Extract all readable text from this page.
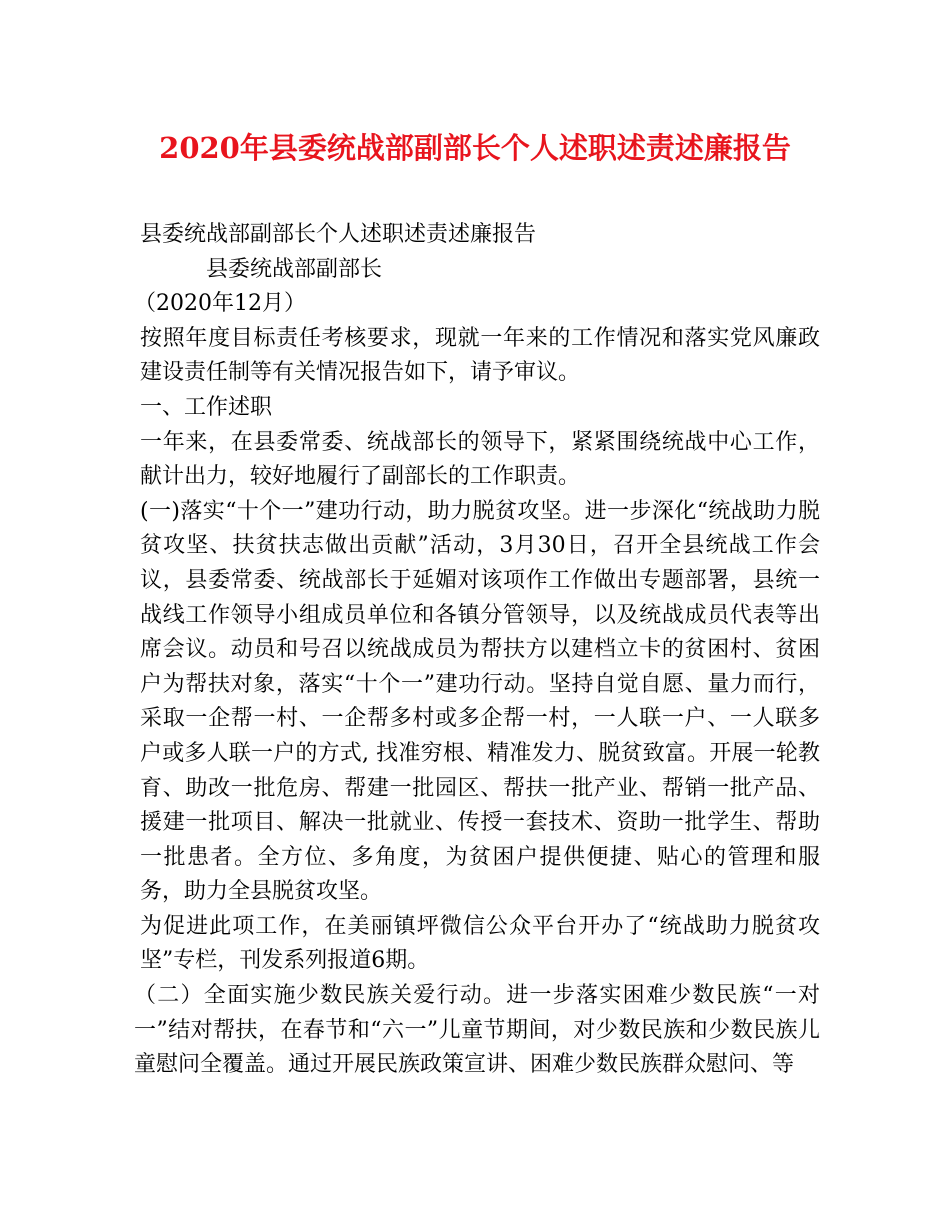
2020年县委统战部副部长个人述职述责述廉报告

县委统战部副部长个人述职述责述廉报告

县委统战部副部长

（2020年12月）

按照年度目标责任考核要求，现就一年来的工作情况和落实党风廉政建设责任制等有关情况报告如下，请予审议。

一、工作述职

一年来，在县委常委、统战部长的领导下，紧紧围绕统战中心工作，献计出力，较好地履行了副部长的工作职责。

(一)落实“十个一”建功行动，助力脱贫攻坚。进一步深化“统战助力脱贫攻坚、扶贫扶志做出贡献”活动，3月30日，召开全县统战工作会议，县委常委、统战部长于延媚对该项作工作做出专题部署，县统一战线工作领导小组成员单位和各镇分管领导，以及统战成员代表等出席会议。动员和号召以统战成员为帮扶方以建档立卡的贫困村、贫困户为帮扶对象，落实“十个一”建功行动。坚持自觉自愿、量力而行，采取一企帮一村、一企帮多村或多企帮一村，一人联一户、一人联多户或多人联一户的方式, 找准穷根、精准发力、脱贫致富。开展一轮教育、助改一批危房、帮建一批园区、帮扶一批产业、帮销一批产品、援建一批项目、解决一批就业、传授一套技术、资助一批学生、帮助一批患者。全方位、多角度，为贫困户提供便捷、贴心的管理和服务，助力全县脱贫攻坚。

为促进此项工作，在美丽镇坪微信公众平台开办了“统战助力脱贫攻坚”专栏，刊发系列报道6期。

（二）全面实施少数民族关爱行动。进一步落实困难少数民族“一对一”结对帮扶，在春节和“六一”儿童节期间，对少数民族和少数民族儿童慰问全覆盖。通过开展民族政策宣讲、困难少数民族群众慰问、等
